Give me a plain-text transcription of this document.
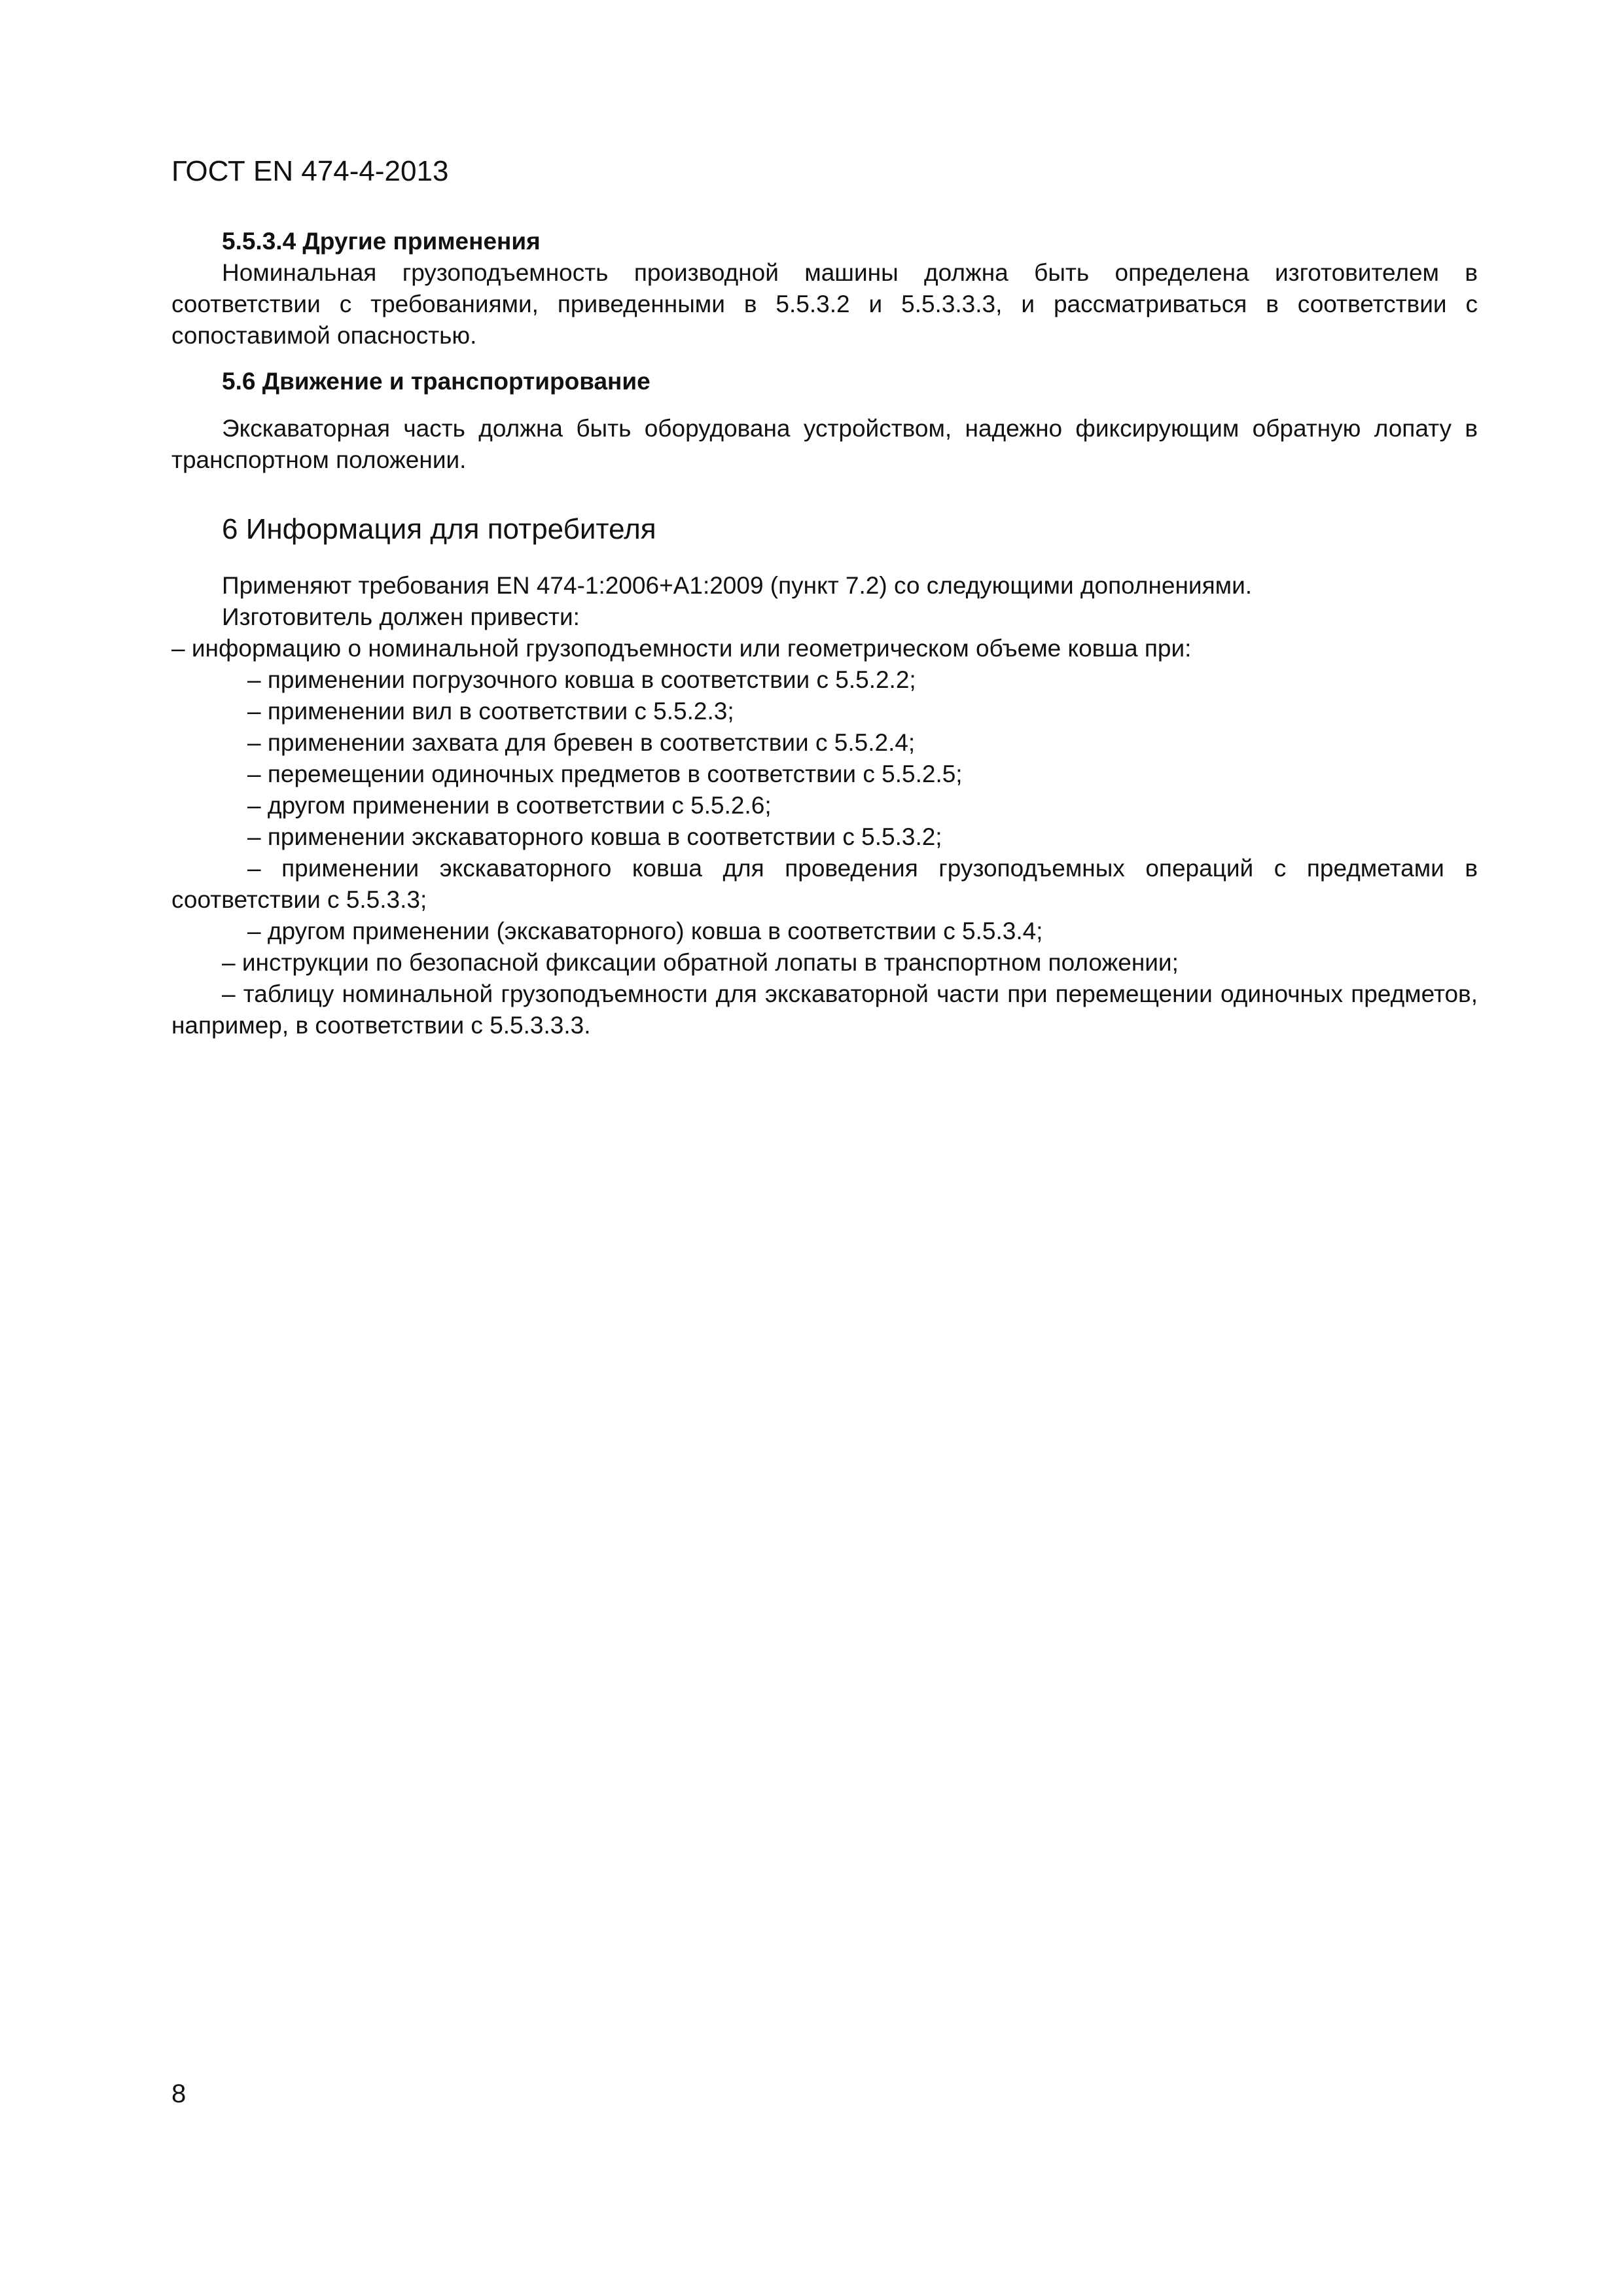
ГОСТ EN 474-4-2013

5.5.3.4 Другие применения

Номинальная грузоподъемность производной машины должна быть определена изготовителем в соответствии с требованиями, приведенными в 5.5.3.2 и 5.5.3.3.3, и рассматриваться в соответствии с сопоставимой опасностью.

5.6 Движение и транспортирование

Экскаваторная часть должна быть оборудована устройством, надежно фиксирующим обратную лопату в транспортном положении.

6 Информация для потребителя

Применяют требования EN 474-1:2006+A1:2009 (пункт 7.2) со следующими дополнениями.

Изготовитель должен привести:

– информацию о номинальной грузоподъемности или геометрическом объеме ковша при:

– применении погрузочного ковша в соответствии с 5.5.2.2;

– применении вил в соответствии с 5.5.2.3;

– применении захвата для бревен в соответствии с 5.5.2.4;

– перемещении одиночных предметов в соответствии с 5.5.2.5;

– другом применении в соответствии с 5.5.2.6;

– применении экскаваторного ковша в соответствии с 5.5.3.2;

– применении экскаваторного ковша для проведения грузоподъемных операций с предметами в соответствии с 5.5.3.3;

– другом применении (экскаваторного) ковша в соответствии с 5.5.3.4;

– инструкции по безопасной фиксации обратной лопаты в транспортном положении;

– таблицу номинальной грузоподъемности для экскаваторной части при перемещении одиночных предметов, например, в соответствии с 5.5.3.3.3.

8
